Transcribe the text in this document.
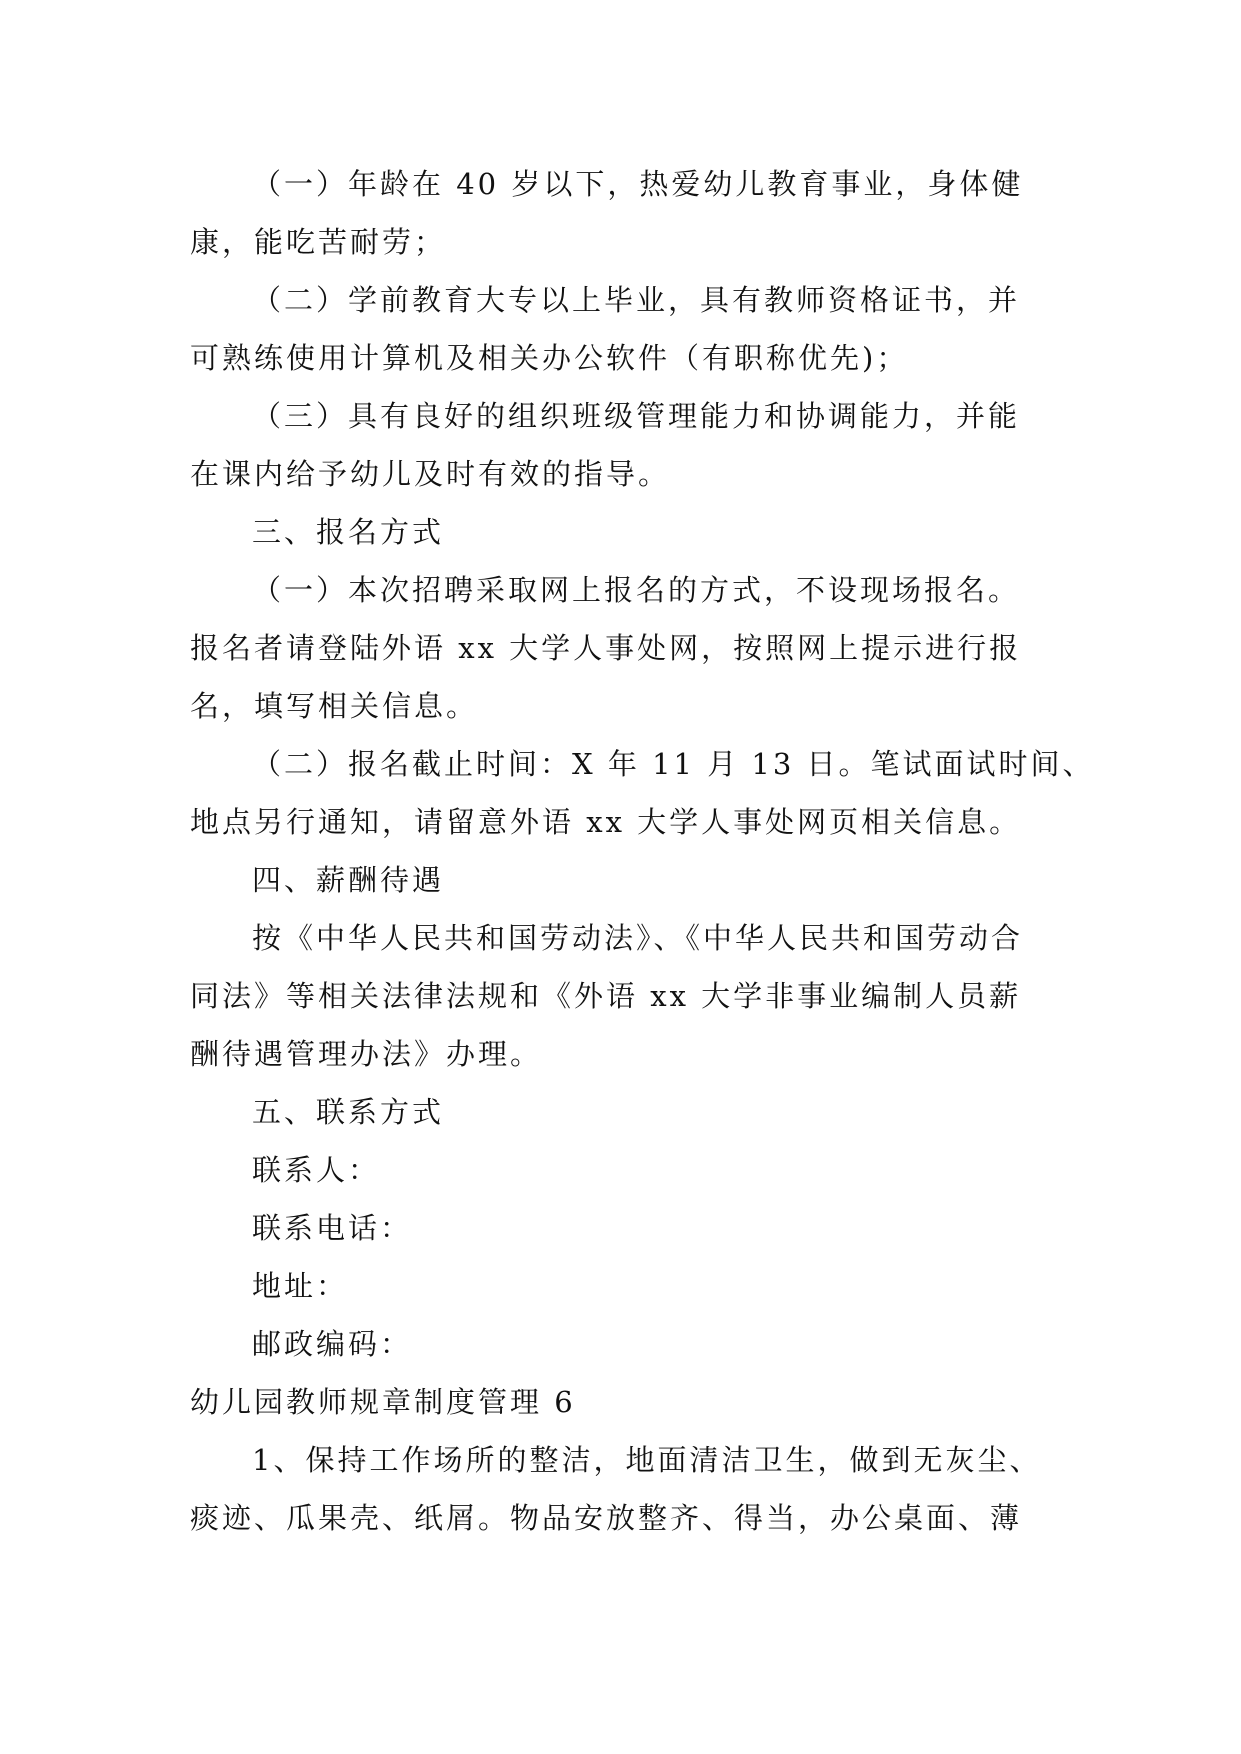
（一）年龄在 40 岁以下，热爱幼儿教育事业，身体健
康，能吃苦耐劳；
（二）学前教育大专以上毕业，具有教师资格证书，并
可熟练使用计算机及相关办公软件（有职称优先)；
（三）具有良好的组织班级管理能力和协调能力，并能
在课内给予幼儿及时有效的指导。
三、报名方式
（一）本次招聘采取网上报名的方式，不设现场报名。
报名者请登陆外语 xx 大学人事处网，按照网上提示进行报
名，填写相关信息。
（二）报名截止时间：X 年 11 月 13 日。笔试面试时间、
地点另行通知，请留意外语 xx 大学人事处网页相关信息。
四、薪酬待遇
按《中华人民共和国劳动法》、《中华人民共和国劳动合
同法》等相关法律法规和《外语 xx 大学非事业编制人员薪
酬待遇管理办法》办理。
五、联系方式
联系人：
联系电话：
地址：
邮政编码：
幼儿园教师规章制度管理 6
1、保持工作场所的整洁，地面清洁卫生，做到无灰尘、
痰迹、瓜果壳、纸屑。物品安放整齐、得当，办公桌面、薄
